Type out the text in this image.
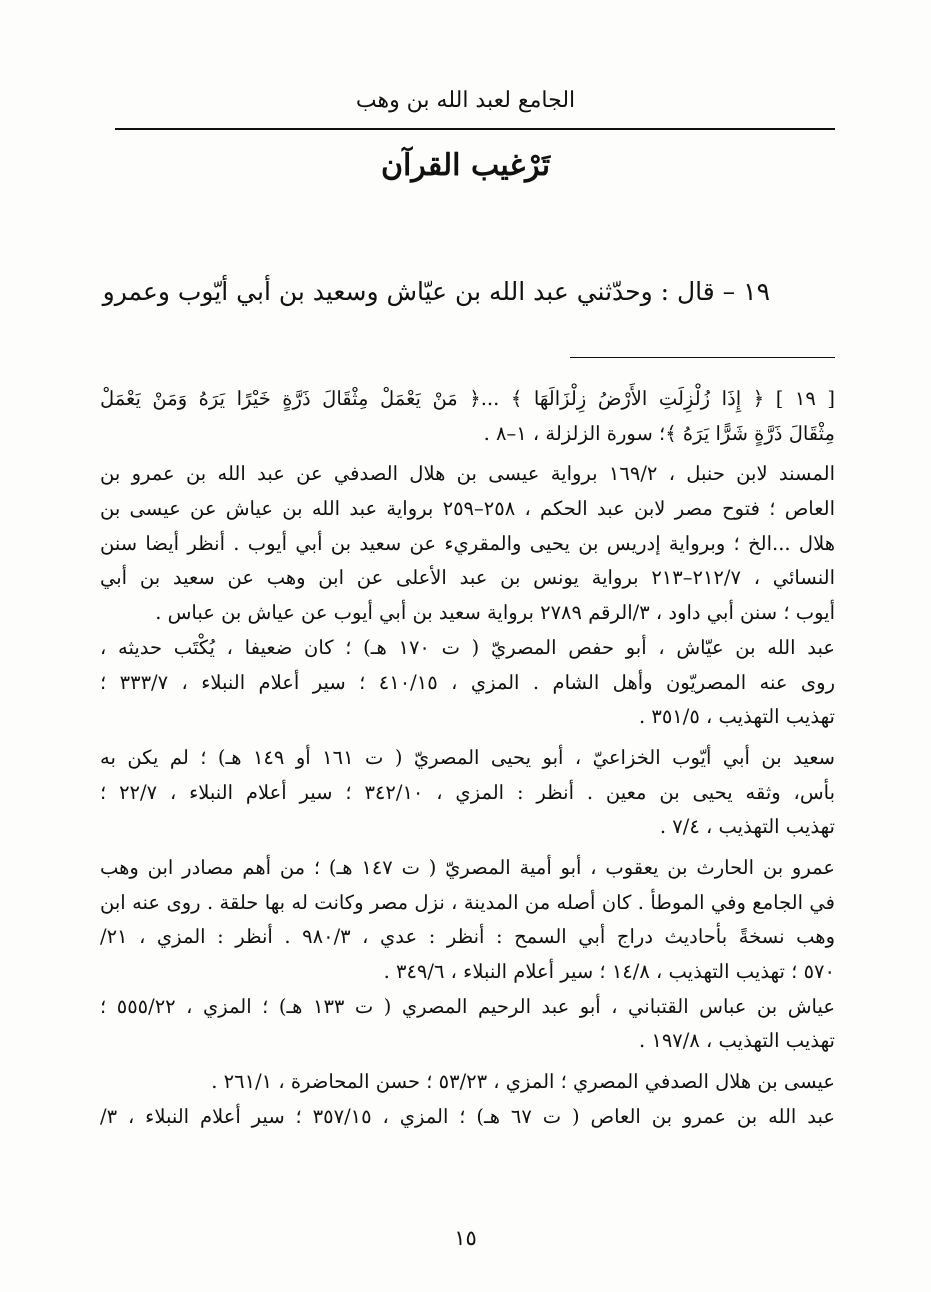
الجامع لعبد الله بن وهب
تَرْغيب القرآن
١٩ – قال : وحدّثني عبد الله بن عيّاش وسعيد بن أبي أيّوب وعمرو
[ ١٩ ] ﴿ إِذَا زُلْزِلَتِ الأَرْضُ زِلْزَالَهَا ﴾ ...﴿ مَنْ يَعْمَلْ مِثْقَالَ ذَرَّةٍ خَيْرًا يَرَهُ وَمَنْ يَعْمَلْ
مِثْقَالَ ذَرَّةٍ شَرًّا يَرَهُ ﴾؛ سورة الزلزلة ، ١–٨ .
المسند لابن حنبل ، ١٦٩/٢ برواية عيسى بن هلال الصدفي عن عبد الله بن عمرو بن
العاص ؛ فتوح مصر لابن عبد الحكم ، ٢٥٨–٢٥٩ برواية عبد الله بن عياش عن عيسى بن
هلال ...الخ ؛ وبرواية إدريس بن يحيى والمقريء عن سعيد بن أبي أيوب . أنظر أيضا سنن
النسائي ، ٢١٢/٧–٢١٣ برواية يونس بن عبد الأعلى عن ابن وهب عن سعيد بن أبي
أيوب ؛ سنن أبي داود ، ٣/الرقم ٢٧٨٩ برواية سعيد بن أبي أيوب عن عياش بن عباس .
عبد الله بن عيّاش ، أبو حفص المصريّ ( ت ١٧٠ هـ) ؛ كان ضعيفا ، يُكْتَب حديثه ،
روى عنه المصريّون وأهل الشام . المزي ، ٤١٠/١٥ ؛ سير أعلام النبلاء ، ٣٣٣/٧ ؛
تهذيب التهذيب ، ٣٥١/٥ .
سعيد بن أبي أيّوب الخزاعيّ ، أبو يحيى المصريّ ( ت ١٦١ أو ١٤٩ هـ) ؛ لم يكن به
بأس، وثقه يحيى بن معين . أنظر : المزي ، ٣٤٢/١٠ ؛ سير أعلام النبلاء ، ٢٢/٧ ؛
تهذيب التهذيب ، ٧/٤ .
عمرو بن الحارث بن يعقوب ، أبو أمية المصريّ ( ت ١٤٧ هـ) ؛ من أهم مصادر ابن وهب
في الجامع وفي الموطأ . كان أصله من المدينة ، نزل مصر وكانت له بها حلقة . روى عنه ابن
وهب نسخةً بأحاديث دراج أبي السمح : أنظر : عدي ، ٩٨٠/٣ . أنظر : المزي ، ٢١/
٥٧٠ ؛ تهذيب التهذيب ، ١٤/٨ ؛ سير أعلام النبلاء ، ٣٤٩/٦ .
عياش بن عباس القتباني ، أبو عبد الرحيم المصري ( ت ١٣٣ هـ) ؛ المزي ، ٥٥٥/٢٢ ؛
تهذيب التهذيب ، ١٩٧/٨ .
عيسى بن هلال الصدفي المصري ؛ المزي ، ٥٣/٢٣ ؛ حسن المحاضرة ، ٢٦١/١ .
عبد الله بن عمرو بن العاص ( ت ٦٧ هـ) ؛ المزي ، ٣٥٧/١٥ ؛ سير أعلام النبلاء ، ٣/
١٥
